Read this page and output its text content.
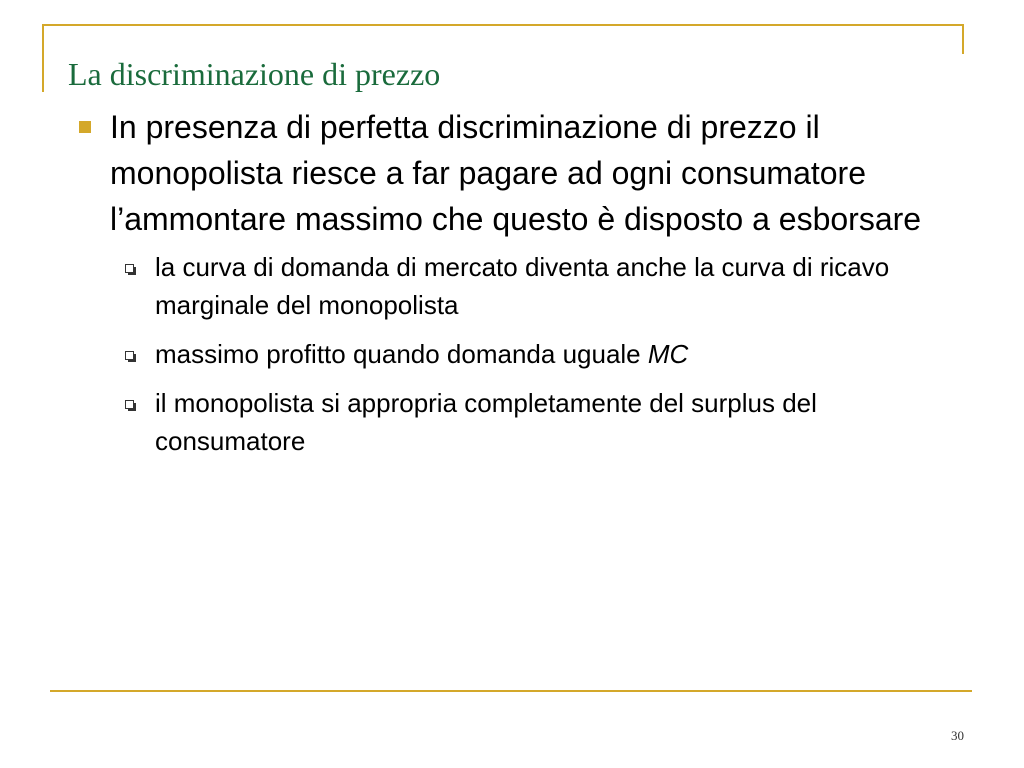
La discriminazione di prezzo

In presenza di perfetta discriminazione di prezzo il monopolista riesce a far pagare ad ogni consumatore l’ammontare massimo che questo è disposto a esborsare

la curva di domanda di mercato diventa anche la curva di ricavo marginale del monopolista
massimo profitto quando domanda uguale MC
il monopolista si appropria completamente del surplus del consumatore
30
